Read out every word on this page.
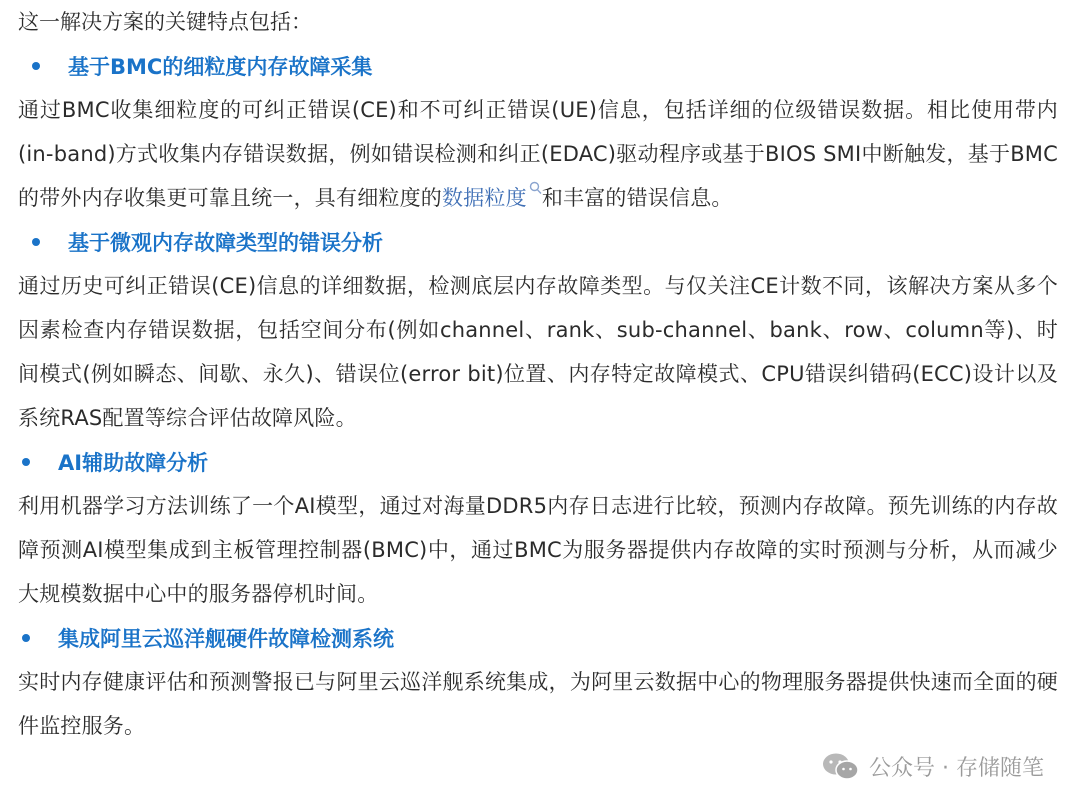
这一解决方案的关键特点包括：

基于BMC的细粒度内存故障采集

通过BMC收集细粒度的可纠正错误(CE)和不可纠正错误(UE)信息，包括详细的位级错误数据。相比使用带内(in-band)方式收集内存错误数据，例如错误检测和纠正(EDAC)驱动程序或基于BIOS SMI中断触发，基于BMC的带外内存收集更可靠且统一，具有细粒度的数据粒度 和丰富的错误信息。

基于微观内存故障类型的错误分析

通过历史可纠正错误(CE)信息的详细数据，检测底层内存故障类型。与仅关注CE计数不同，该解决方案从多个因素检查内存错误数据，包括空间分布(例如channel、rank、sub-channel、bank、row、column等)、时间模式(例如瞬态、间歇、永久)、错误位(error bit)位置、内存特定故障模式、CPU错误纠错码(ECC)设计以及系统RAS配置等综合评估故障风险。

AI辅助故障分析

利用机器学习方法训练了一个AI模型，通过对海量DDR5内存日志进行比较，预测内存故障。预先训练的内存故障预测AI模型集成到主板管理控制器(BMC)中，通过BMC为服务器提供内存故障的实时预测与分析，从而减少大规模数据中心中的服务器停机时间。

集成阿里云巡洋舰硬件故障检测系统

实时内存健康评估和预测警报已与阿里云巡洋舰系统集成，为阿里云数据中心的物理服务器提供快速而全面的硬件监控服务。

公众号 · 存储随笔
